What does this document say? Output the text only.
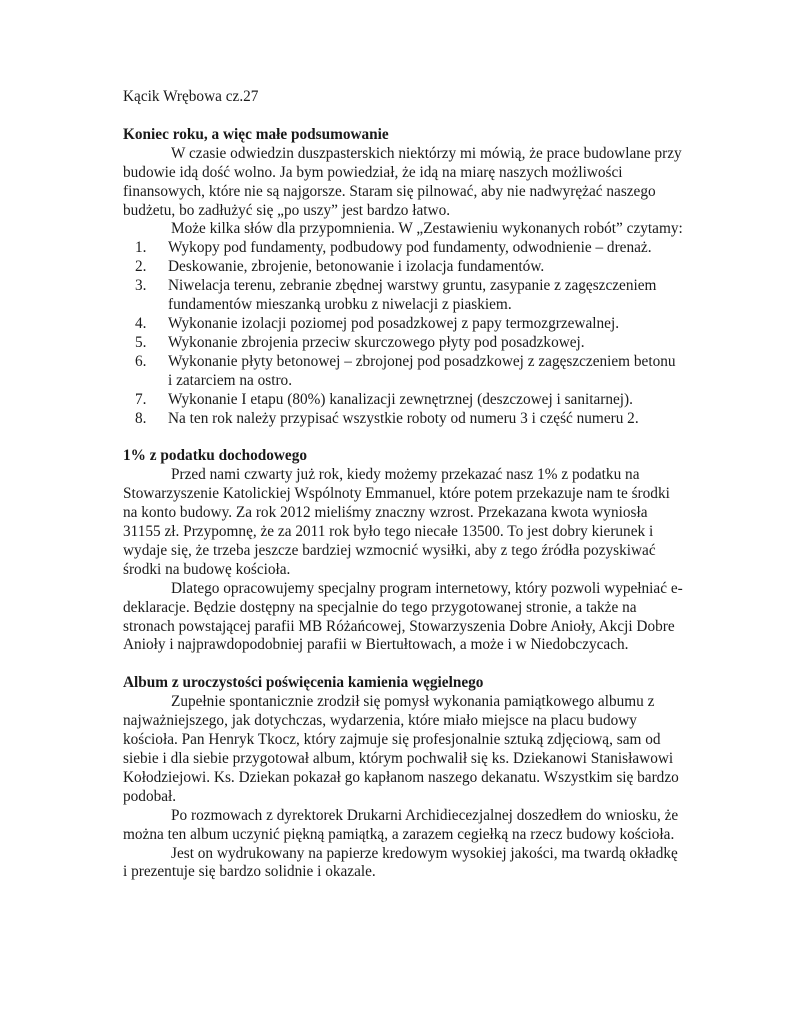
Kącik Wrębowa cz.27
Koniec roku, a więc małe podsumowanie

W czasie odwiedzin duszpasterskich niektórzy mi mówią, że prace budowlane przy budowie idą dość wolno. Ja bym powiedział, że idą na miarę naszych możliwości finansowych, które nie są najgorsze. Staram się pilnować, aby nie nadwyrężać naszego budżetu, bo zadłużyć się „po uszy” jest bardzo łatwo.

Może kilka słów dla przypomnienia. W „Zestawieniu wykonanych robót” czytamy:

1.	Wykopy pod fundamenty, podbudowy pod fundamenty, odwodnienie – drenaż.
2.	Deskowanie, zbrojenie, betonowanie i izolacja fundamentów.
3.	Niwelacja terenu, zebranie zbędnej warstwy gruntu, zasypanie z zagęszczeniem fundamentów mieszanką urobku z niwelacji z piaskiem.
4.	Wykonanie izolacji poziomej pod posadzkowej z papy termozgrzewalnej.
5.	Wykonanie zbrojenia przeciw skurczowego płyty pod posadzkowej.
6.	Wykonanie płyty betonowej – zbrojonej pod posadzkowej z zagęszczeniem betonu i zatarciem na ostro.
7.	Wykonanie I etapu (80%) kanalizacji zewnętrznej (deszczowej i sanitarnej).
8.	Na ten rok należy przypisać wszystkie roboty od numeru 3 i część numeru 2.
1% z podatku dochodowego

Przed nami czwarty już rok, kiedy możemy przekazać nasz 1% z podatku na Stowarzyszenie Katolickiej Wspólnoty Emmanuel, które potem przekazuje nam te środki na konto budowy. Za rok 2012 mieliśmy znaczny wzrost. Przekazana kwota wyniosła 31155 zł. Przypomnę, że za 2011 rok było tego niecałe 13500. To jest dobry kierunek i wydaje się, że trzeba jeszcze bardziej wzmocnić wysiłki, aby z tego źródła pozyskiwać środki na budowę kościoła.

Dlatego opracowujemy specjalny program internetowy, który pozwoli wypełniać e-deklaracje. Będzie dostępny na specjalnie do tego przygotowanej stronie, a także na stronach powstającej parafii MB Różańcowej, Stowarzyszenia Dobre Anioły, Akcji Dobre Anioły i najprawdopodobniej parafii w Biertułtowach, a może i w Niedobczycach.

Album z uroczystości poświęcenia kamienia węgielnego

Zupełnie spontanicznie zrodził się pomysł wykonania pamiątkowego albumu z najważniejszego, jak dotychczas, wydarzenia, które miało miejsce na placu budowy kościoła. Pan Henryk Tkocz, który zajmuje się profesjonalnie sztuką zdjęciową, sam od siebie i dla siebie przygotował album, którym pochwalił się ks. Dziekanowi Stanisławowi Kołodziejowi. Ks. Dziekan pokazał go kapłanom naszego dekanatu. Wszystkim się bardzo podobał.

Po rozmowach z dyrektorek Drukarni Archidiecezjalnej doszedłem do wniosku, że można ten album uczynić piękną pamiątką, a zarazem cegiełką na rzecz budowy kościoła.

Jest on wydrukowany na papierze kredowym wysokiej jakości, ma twardą okładkę i prezentuje się bardzo solidnie i okazale.
